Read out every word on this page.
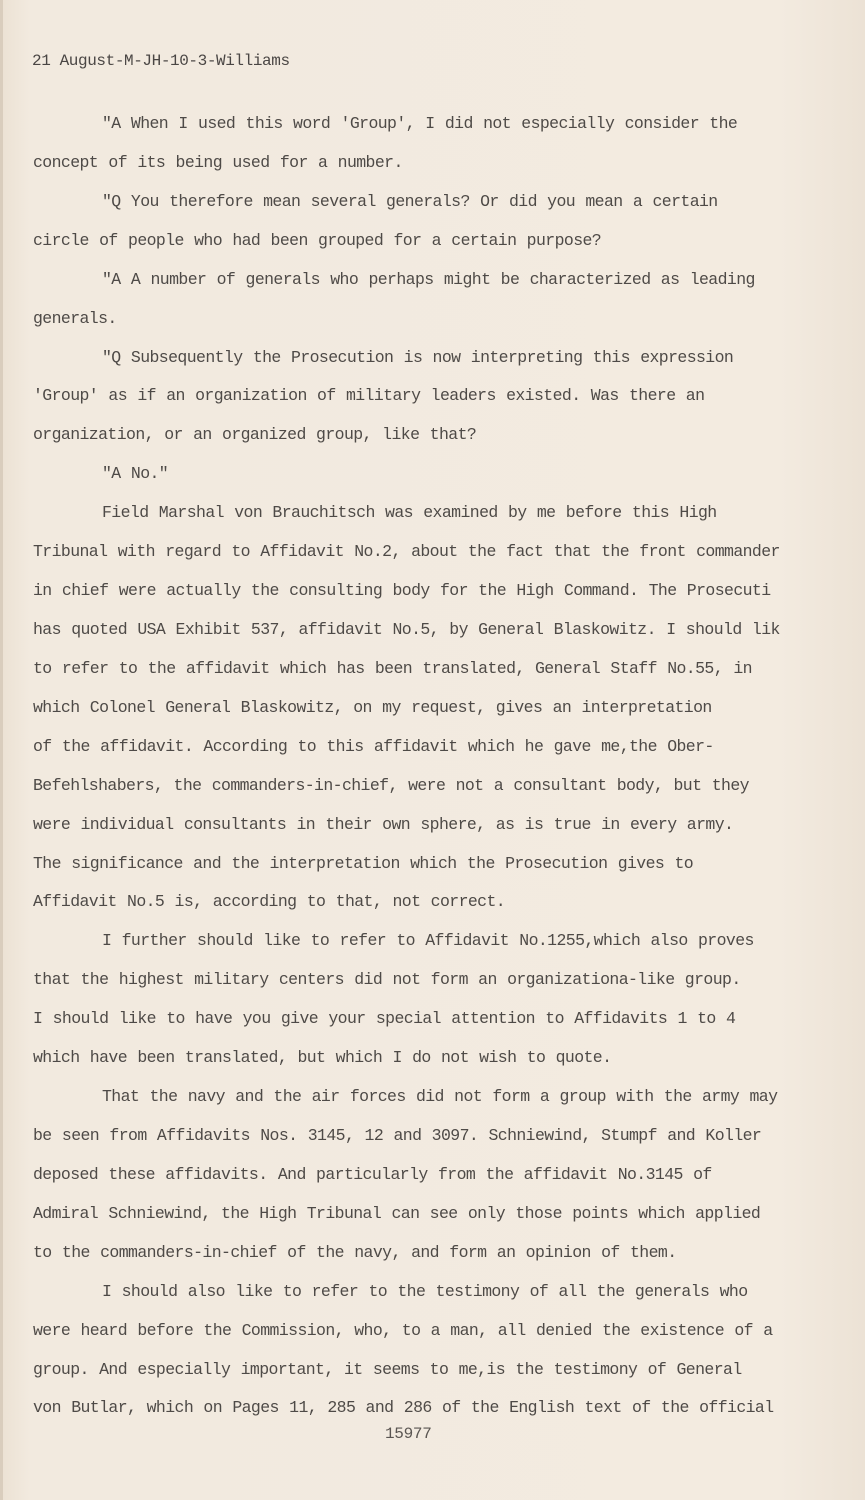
21 August-M-JH-10-3-Williams
"A When I used this word 'Group', I did not especially consider the
concept of its being used for a number.
"Q You therefore mean several generals? Or did you mean a certain
circle of people who had been grouped for a certain purpose?
"A A number of generals who perhaps might be characterized as leading
generals.
"Q Subsequently the Prosecution is now interpreting this expression
'Group' as if an organization of military leaders existed. Was there an
organization, or an organized group, like that?
"A No."
Field Marshal von Brauchitsch was examined by me before this High
Tribunal with regard to Affidavit No.2, about the fact that the front commander
in chief were actually the consulting body for the High Command. The Prosecuti
has quoted USA Exhibit 537, affidavit No.5, by General Blaskowitz. I should lik
to refer to the affidavit which has been translated, General Staff No.55, in
which Colonel General Blaskowitz, on my request, gives an interpretation
of the affidavit. According to this affidavit which he gave me,the Ober-
Befehlshabers, the commanders-in-chief, were not a consultant body, but they
were individual consultants in their own sphere, as is true in every army.
The significance and the interpretation which the Prosecution gives to
Affidavit No.5 is, according to that, not correct.
I further should like to refer to Affidavit No.1255,which also proves
that the highest military centers did not form an organizationa-like group.
I should like to have you give your special attention to Affidavits 1 to 4
which have been translated, but which I do not wish to quote.
That the navy and the air forces did not form a group with the army may
be seen from Affidavits Nos. 3145, 12 and 3097. Schniewind, Stumpf and Koller
deposed these affidavits. And particularly from the affidavit No.3145 of
Admiral Schniewind, the High Tribunal can see only those points which applied
to the commanders-in-chief of the navy, and form an opinion of them.
I should also like to refer to the testimony of all the generals who
were heard before the Commission, who, to a man, all denied the existence of a
group. And especially important, it seems to me,is the testimony of General
von Butlar, which on Pages 11, 285 and 286 of the English text of the official
15977
